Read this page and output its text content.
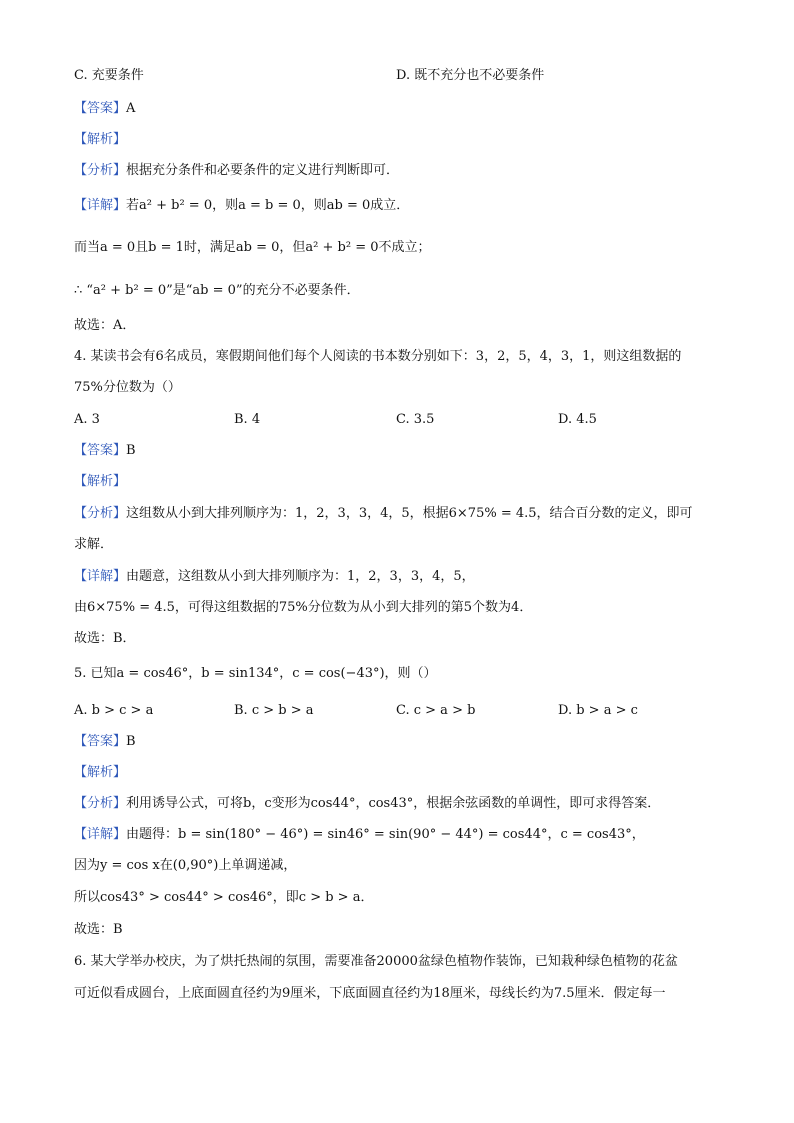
C. 充要条件	D. 既不充分也不必要条件
【答案】A
【解析】
【分析】根据充分条件和必要条件的定义进行判断即可．
【详解】若a² + b² = 0，则a = b = 0，则ab = 0成立．
而当a = 0且b = 1时，满足ab = 0，但a² + b² = 0不成立；
∴ “a² + b² = 0”是“ab = 0”的充分不必要条件．
故选：A．
4. 某读书会有6名成员，寒假期间他们每个人阅读的书本数分别如下：3，2，5，4，3，1，则这组数据的
75%分位数为（）
A. 3	B. 4	C. 3.5	D. 4.5
【答案】B
【解析】
【分析】这组数从小到大排列顺序为：1，2，3，3，4，5，根据6×75% = 4.5，结合百分数的定义，即可
求解．
【详解】由题意，这组数从小到大排列顺序为：1，2，3，3，4，5，
由6×75% = 4.5，可得这组数据的75%分位数为从小到大排列的第5个数为4．
故选：B．
5. 已知a = cos46°，b = sin134°，c = cos(−43°)，则（）
A. b > c > a	B. c > b > a	C. c > a > b	D. b > a > c
【答案】B
【解析】
【分析】利用诱导公式，可将b，c变形为cos44°，cos43°，根据余弦函数的单调性，即可求得答案．
【详解】由题得：b = sin(180° − 46°) = sin46° = sin(90° − 44°) = cos44°，c = cos43°，
因为y = cos x在(0,90°)上单调递减，
所以cos43° > cos44° > cos46°，即c > b > a．
故选：B
6. 某大学举办校庆，为了烘托热闹的氛围，需要准备20000盆绿色植物作装饰，已知栽种绿色植物的花盆
可近似看成圆台，上底面圆直径约为9厘米，下底面圆直径约为18厘米，母线长约为7.5厘米．假定每一
